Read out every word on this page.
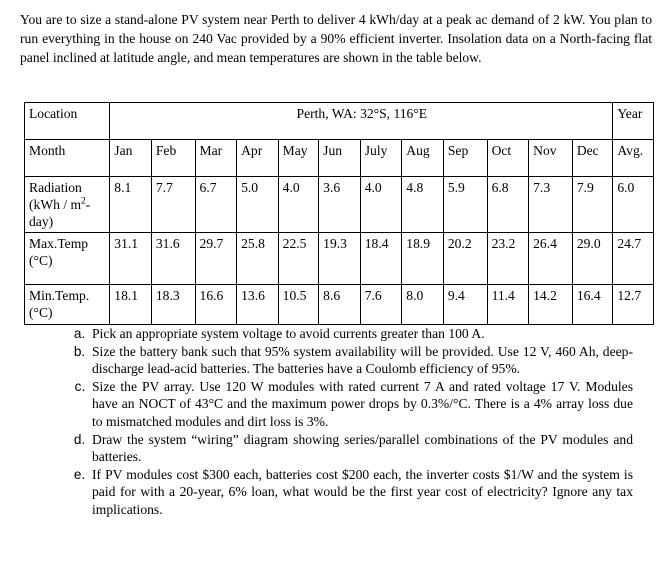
You are to size a stand-alone PV system near Perth to deliver 4 kWh/day at a peak ac demand of 2 kW. You plan to run everything in the house on 240 Vac provided by a 90% efficient inverter. Insolation data on a North-facing flat panel inclined at latitude angle, and mean temperatures are shown in the table below.

Location	Perth, WA: 32°S, 116°E												Year
Month	Jan	Feb	Mar	Apr	May	Jun	July	Aug	Sep	Oct	Nov	Dec	Avg.
Radiation $(kWh / m^2-day)$	8.1	7.7	6.7	5.0	4.0	3.6	4.0	4.8	5.9	6.8	7.3	7.9	6.0
Max.Temp (°C)	31.1	31.6	29.7	25.8	22.5	19.3	18.4	18.9	20.2	23.2	26.4	29.0	24.7
Min.Temp. (°C)	18.1	18.3	16.6	13.6	10.5	8.6	7.6	8.0	9.4	11.4	14.2	16.4	12.7
a. Pick an appropriate system voltage to avoid currents greater than 100 A.
b. Size the battery bank such that 95% system availability will be provided. Use 12 V, 460 Ah, deep-discharge lead-acid batteries. The batteries have a Coulomb efficiency of 95%.
c. Size the PV array. Use 120 W modules with rated current 7 A and rated voltage 17 V. Modules have an NOCT of 43°C and the maximum power drops by 0.3%/°C. There is a 4% array loss due to mismatched modules and dirt loss is 3%.
d. Draw the system “wiring” diagram showing series/parallel combinations of the PV modules and batteries.
e. If PV modules cost $300 each, batteries cost $200 each, the inverter costs $1/W and the system is paid for with a 20-year, 6% loan, what would be the first year cost of electricity? Ignore any tax implications.
